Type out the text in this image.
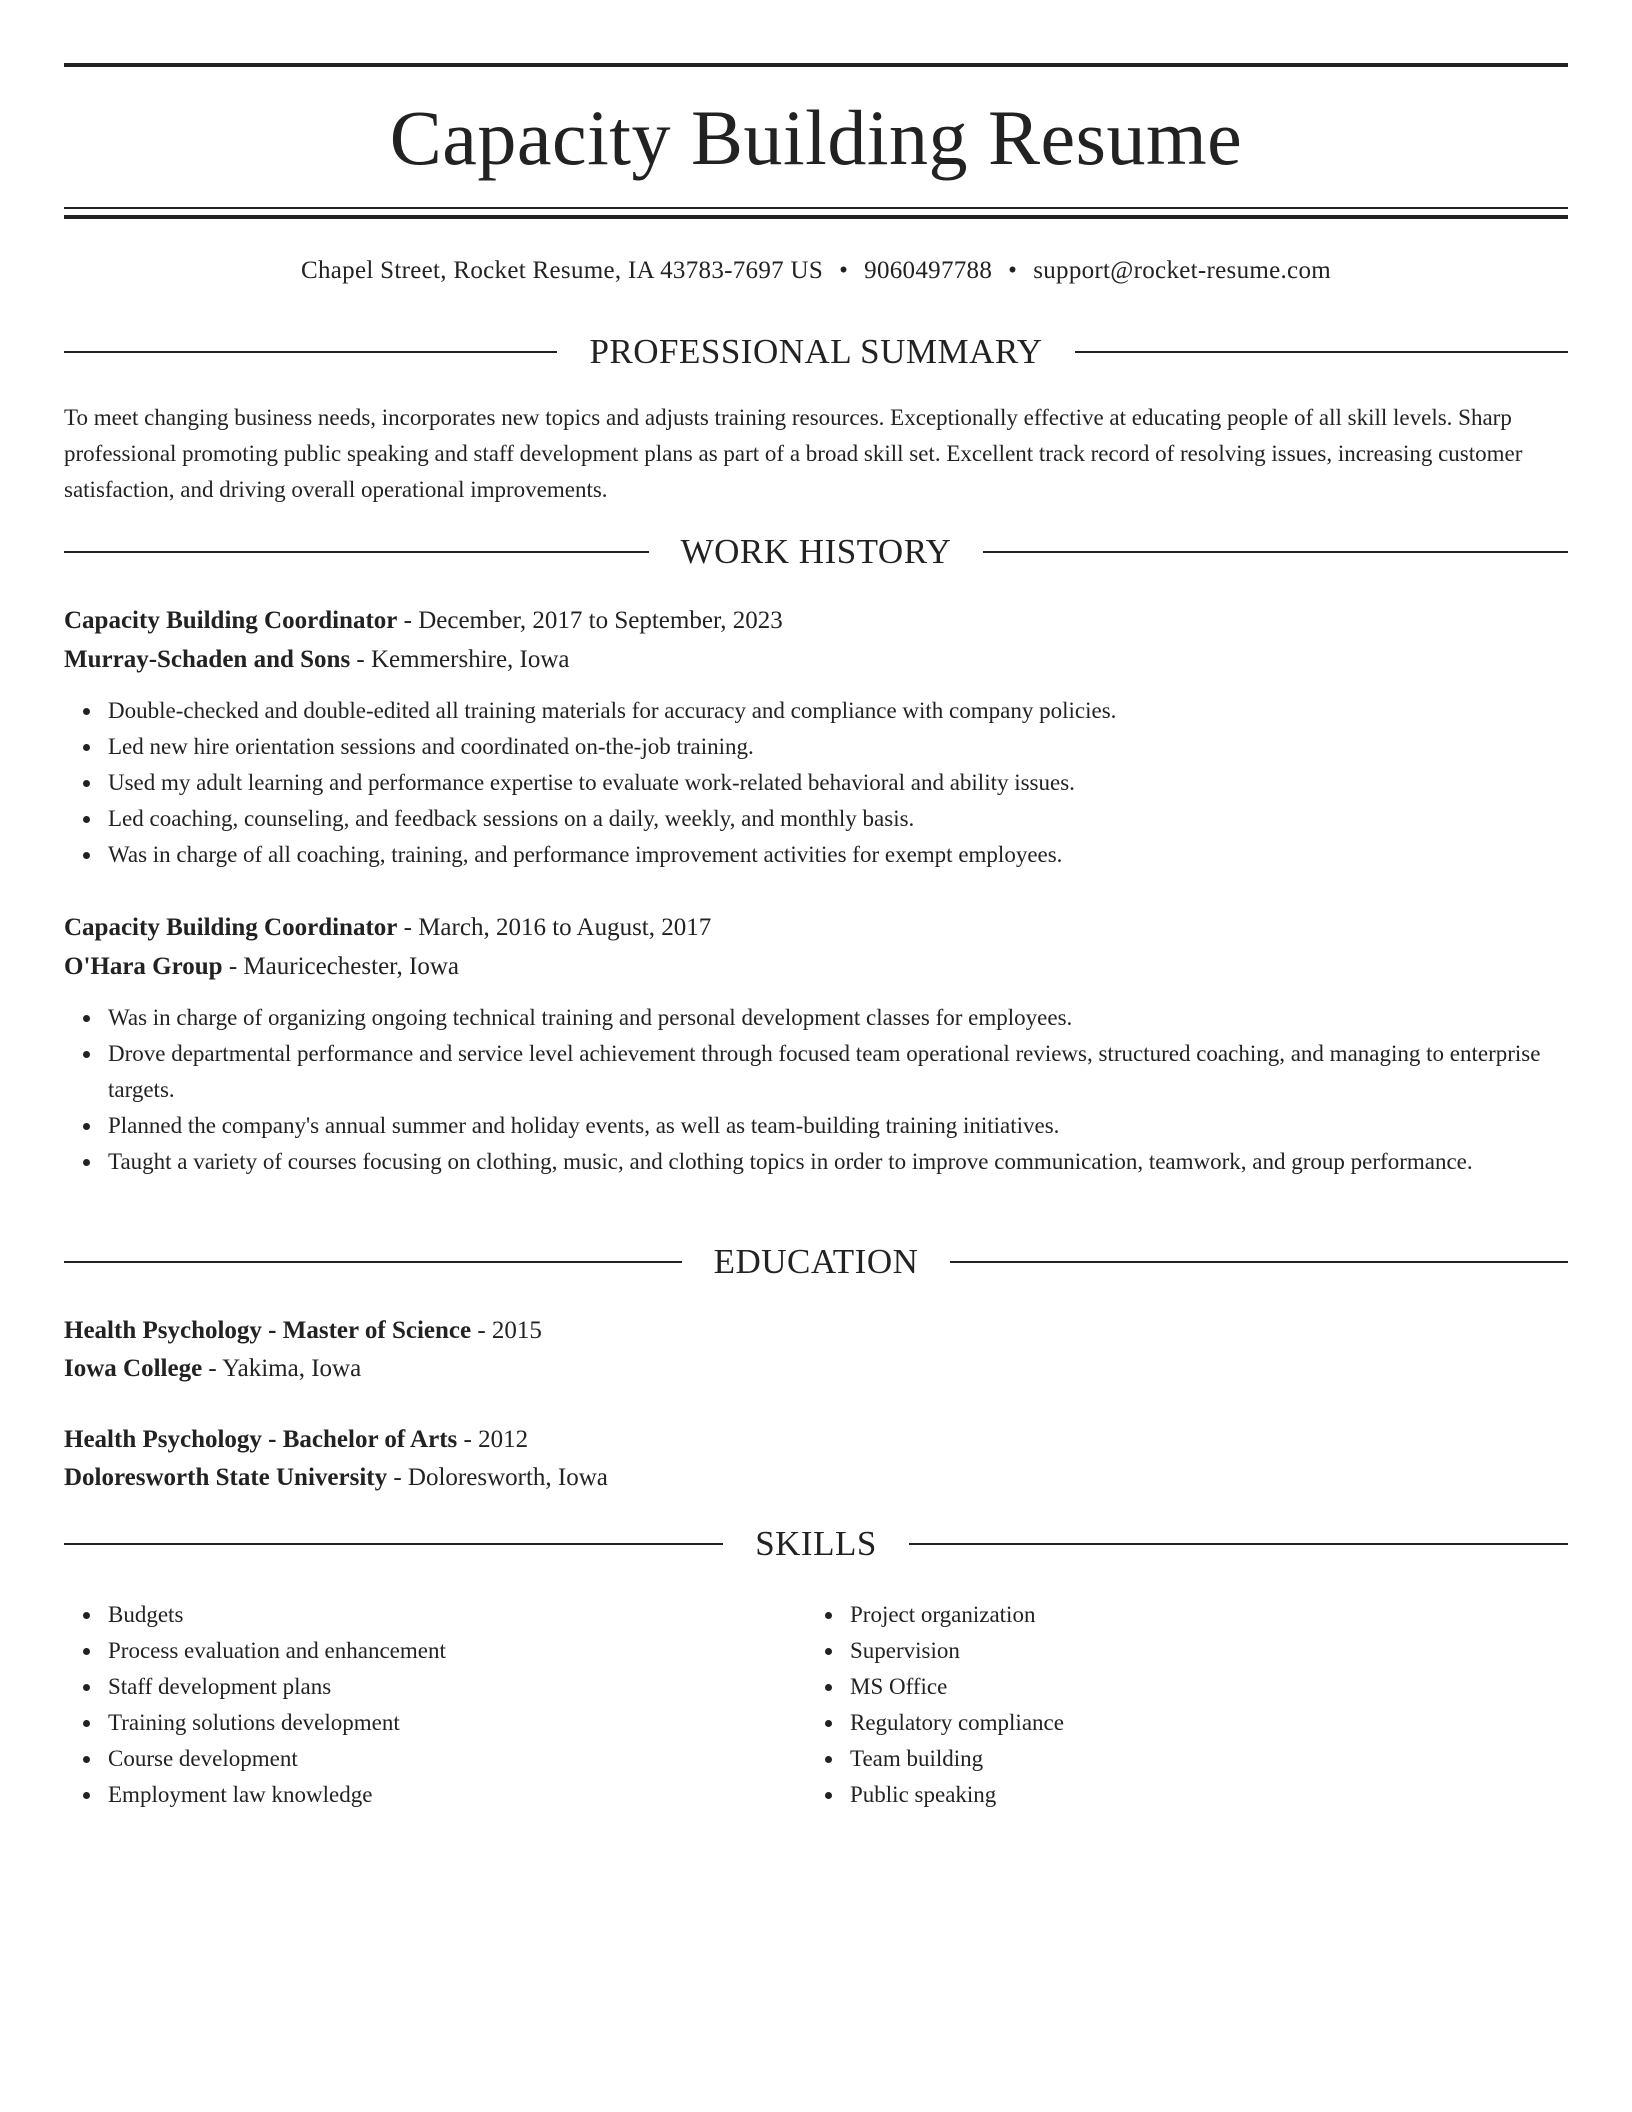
Capacity Building Resume
Chapel Street, Rocket Resume, IA 43783-7697 US • 9060497788 • support@rocket-resume.com
PROFESSIONAL SUMMARY

To meet changing business needs, incorporates new topics and adjusts training resources. Exceptionally effective at educating people of all skill levels. Sharp professional promoting public speaking and staff development plans as part of a broad skill set. Excellent track record of resolving issues, increasing customer satisfaction, and driving overall operational improvements.

WORK HISTORY
Capacity Building Coordinator - December, 2017 to September, 2023
Murray-Schaden and Sons - Kemmershire, Iowa
Double-checked and double-edited all training materials for accuracy and compliance with company policies.
Led new hire orientation sessions and coordinated on-the-job training.
Used my adult learning and performance expertise to evaluate work-related behavioral and ability issues.
Led coaching, counseling, and feedback sessions on a daily, weekly, and monthly basis.
Was in charge of all coaching, training, and performance improvement activities for exempt employees.
Capacity Building Coordinator - March, 2016 to August, 2017
O'Hara Group - Mauricechester, Iowa
Was in charge of organizing ongoing technical training and personal development classes for employees.
Drove departmental performance and service level achievement through focused team operational reviews, structured coaching, and managing to enterprise targets.
Planned the company's annual summer and holiday events, as well as team-building training initiatives.
Taught a variety of courses focusing on clothing, music, and clothing topics in order to improve communication, teamwork, and group performance.
EDUCATION
Health Psychology - Master of Science - 2015
Iowa College - Yakima, Iowa
Health Psychology - Bachelor of Arts - 2012
Doloresworth State University - Doloresworth, Iowa
SKILLS
Budgets
Process evaluation and enhancement
Staff development plans
Training solutions development
Course development
Employment law knowledge
Project organization
Supervision
MS Office
Regulatory compliance
Team building
Public speaking
